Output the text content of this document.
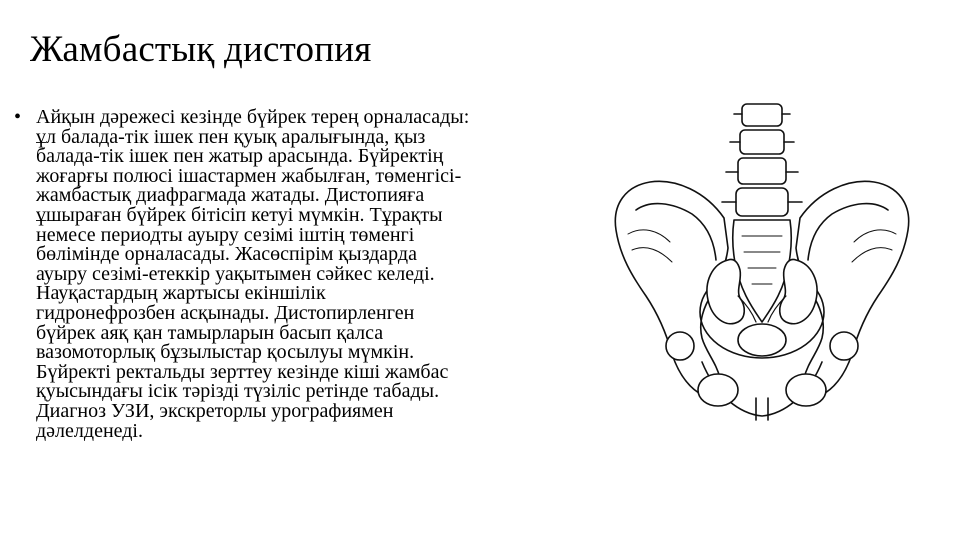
Жамбастық дистопия
• Айқын дәрежесі кезінде бүйрек терең орналасады:
ұл балада-тік ішек пен қуық аралығында, қыз
балада-тік ішек пен жатыр арасында. Бүйректің
жоғарғы полюсі ішастармен жабылған, төменгісі-
жамбастық диафрагмада жатады. Дистопияға
ұшыраған бүйрек бітісіп кетуі мүмкін. Тұрақты
немесе периодты ауыру сезімі іштің төменгі
бөлімінде орналасады. Жасөспірім қыздарда
ауыру сезімі-етеккір уақытымен сәйкес келеді.
Науқастардың жартысы екіншілік
гидронефрозбен асқынады. Дистопирленген
бүйрек аяқ қан тамырларын басып қалса
вазомоторлық бұзылыстар қосылуы мүмкін.
Бүйректі ректальды зерттеу кезінде кіші жамбас
қуысындағы ісік тәрізді түзіліс ретінде табады.
Диагноз УЗИ, экскреторлы урографиямен
дәлелденеді.
